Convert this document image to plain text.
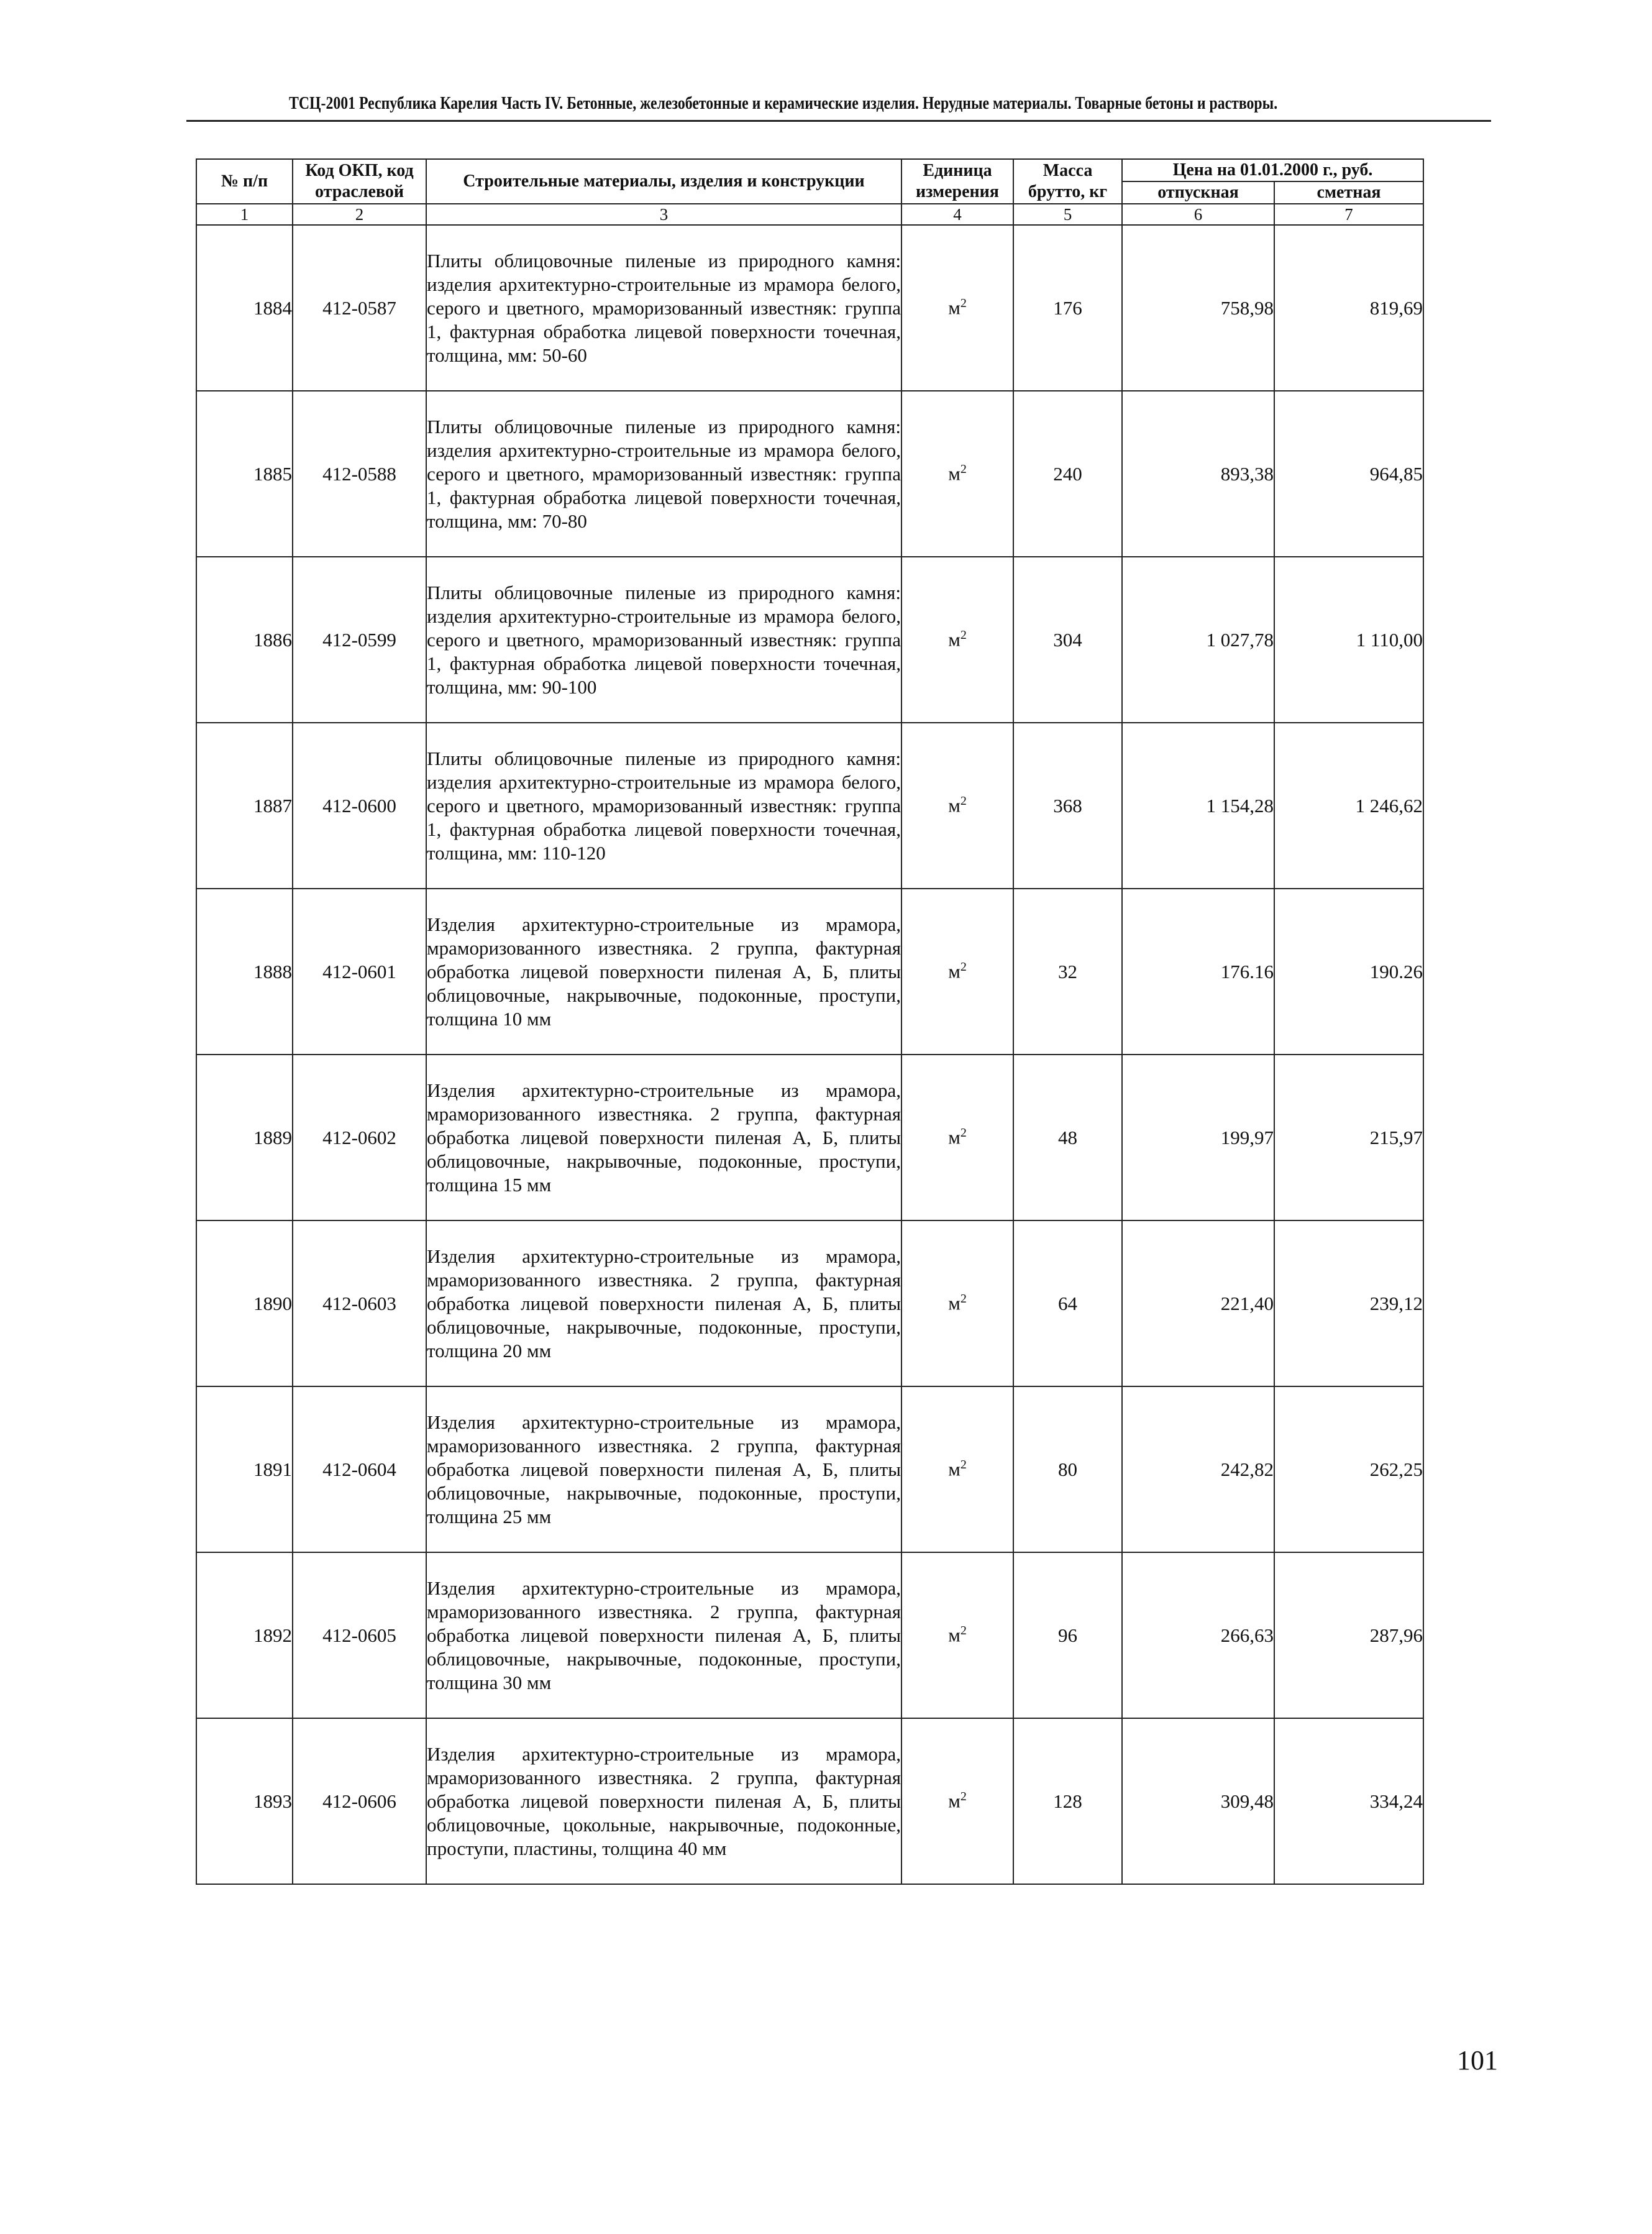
ТСЦ-2001 Республика Карелия Часть IV. Бетонные, железобетонные и керамические изделия. Нерудные материалы. Товарные бетоны и растворы.
№ п/п	Код ОКП, код отраслевой	Строительные материалы, изделия и конструкции	Единица измерения	Масса брутто, кг	Цена на 01.01.2000 г., руб.	
					отпускная	сметная
1	2	3	4	5	6	7
1884	412-0587	Плиты облицовочные пиленые из природного камня: изделия архитектурно-строительные из мрамора белого, серого и цветного, мраморизованный известняк: группа 1, фактурная обработка лицевой поверхности точечная, толщина, мм: 50-60	$м^2$	176	758,98	819,69
1885	412-0588	Плиты облицовочные пиленые из природного камня: изделия архитектурно-строительные из мрамора белого, серого и цветного, мраморизованный известняк: группа 1, фактурная обработка лицевой поверхности точечная, толщина, мм: 70-80	$м^2$	240	893,38	964,85
1886	412-0599	Плиты облицовочные пиленые из природного камня: изделия архитектурно-строительные из мрамора белого, серого и цветного, мраморизованный известняк: группа 1, фактурная обработка лицевой поверхности точечная, толщина, мм: 90-100	$м^2$	304	1 027,78	1 110,00
1887	412-0600	Плиты облицовочные пиленые из природного камня: изделия архитектурно-строительные из мрамора белого, серого и цветного, мраморизованный известняк: группа 1, фактурная обработка лицевой поверхности точечная, толщина, мм: 110-120	$м^2$	368	1 154,28	1 246,62
1888	412-0601	Изделия архитектурно-строительные из мрамора, мраморизованного известняка. 2 группа, фактурная обработка лицевой поверхности пиленая А, Б, плиты облицовочные, накрывочные, подоконные, проступи, толщина 10 мм	$м^2$	32	176.16	190.26
1889	412-0602	Изделия архитектурно-строительные из мрамора, мраморизованного известняка. 2 группа, фактурная обработка лицевой поверхности пиленая А, Б, плиты облицовочные, накрывочные, подоконные, проступи, толщина 15 мм	$м^2$	48	199,97	215,97
1890	412-0603	Изделия архитектурно-строительные из мрамора, мраморизованного известняка. 2 группа, фактурная обработка лицевой поверхности пиленая А, Б, плиты облицовочные, накрывочные, подоконные, проступи, толщина 20 мм	$м^2$	64	221,40	239,12
1891	412-0604	Изделия архитектурно-строительные из мрамора, мраморизованного известняка. 2 группа, фактурная обработка лицевой поверхности пиленая А, Б, плиты облицовочные, накрывочные, подоконные, проступи, толщина 25 мм	$м^2$	80	242,82	262,25
1892	412-0605	Изделия архитектурно-строительные из мрамора, мраморизованного известняка. 2 группа, фактурная обработка лицевой поверхности пиленая А, Б, плиты облицовочные, накрывочные, подоконные, проступи, толщина 30 мм	$м^2$	96	266,63	287,96
1893	412-0606	Изделия архитектурно-строительные из мрамора, мраморизованного известняка. 2 группа, фактурная обработка лицевой поверхности пиленая А, Б, плиты облицовочные, цокольные, накрывочные, подоконные, проступи, пластины, толщина 40 мм	$м^2$	128	309,48	334,24
101
